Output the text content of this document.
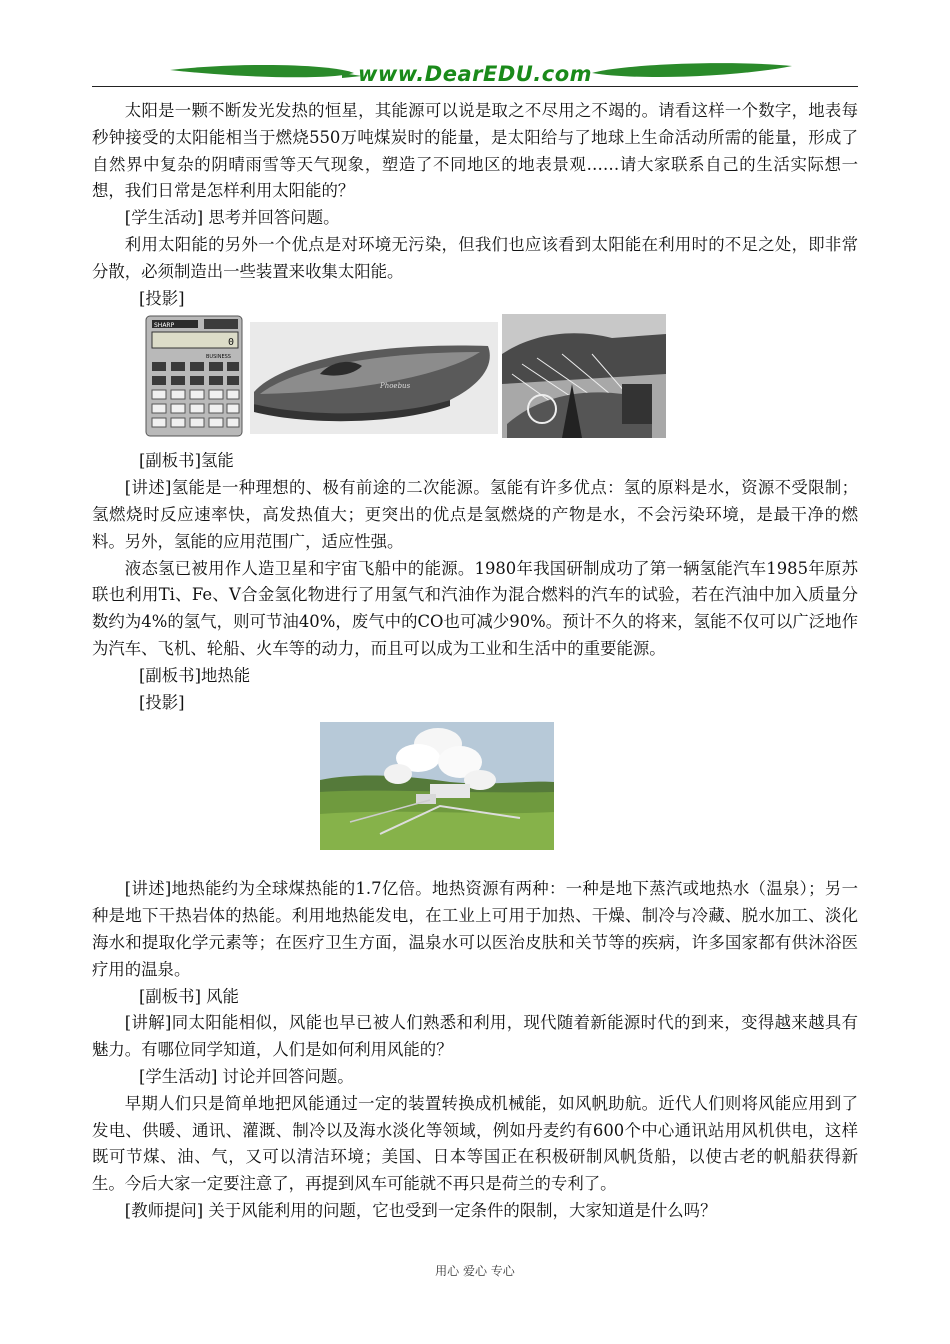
www.DearEDU.com

太阳是一颗不断发光发热的恒星，其能源可以说是取之不尽用之不竭的。请看这样一个数字，地表每秒钟接受的太阳能相当于燃烧550万吨煤炭时的能量，是太阳给与了地球上生命活动所需的能量，形成了自然界中复杂的阴晴雨雪等天气现象，塑造了不同地区的地表景观……请大家联系自己的生活实际想一想，我们日常是怎样利用太阳能的？

[学生活动] 思考并回答问题。

利用太阳能的另外一个优点是对环境无污染，但我们也应该看到太阳能在利用时的不足之处，即非常分散，必须制造出一些装置来收集太阳能。

[投影]

SHARP
0
BUSINESS
Phoebus

[副板书]氢能

[讲述]氢能是一种理想的、极有前途的二次能源。氢能有许多优点：氢的原料是水，资源不受限制；氢燃烧时反应速率快，高发热值大；更突出的优点是氢燃烧的产物是水，不会污染环境，是最干净的燃料。另外，氢能的应用范围广，适应性强。

液态氢已被用作人造卫星和宇宙飞船中的能源。1980年我国研制成功了第一辆氢能汽车1985年原苏联也利用Ti、Fe、V合金氢化物进行了用氢气和汽油作为混合燃料的汽车的试验，若在汽油中加入质量分数约为4%的氢气，则可节油40%，废气中的CO也可减少90%。预计不久的将来，氢能不仅可以广泛地作为汽车、飞机、轮船、火车等的动力，而且可以成为工业和生活中的重要能源。

[副板书]地热能

[投影]

[讲述]地热能约为全球煤热能的1.7亿倍。地热资源有两种：一种是地下蒸汽或地热水（温泉）；另一种是地下干热岩体的热能。利用地热能发电，在工业上可用于加热、干燥、制冷与冷藏、脱水加工、淡化海水和提取化学元素等；在医疗卫生方面，温泉水可以医治皮肤和关节等的疾病，许多国家都有供沐浴医疗用的温泉。

[副板书] 风能

[讲解]同太阳能相似，风能也早已被人们熟悉和利用，现代随着新能源时代的到来，变得越来越具有魅力。有哪位同学知道，人们是如何利用风能的？

[学生活动] 讨论并回答问题。

早期人们只是简单地把风能通过一定的装置转换成机械能，如风帆助航。近代人们则将风能应用到了发电、供暖、通讯、灌溉、制冷以及海水淡化等领域，例如丹麦约有600个中心通讯站用风机供电，这样既可节煤、油、气，又可以清洁环境；美国、日本等国正在积极研制风帆货船，以使古老的帆船获得新生。今后大家一定要注意了，再提到风车可能就不再只是荷兰的专利了。

[教师提问] 关于风能利用的问题，它也受到一定条件的限制，大家知道是什么吗？

用心 爱心 专心
